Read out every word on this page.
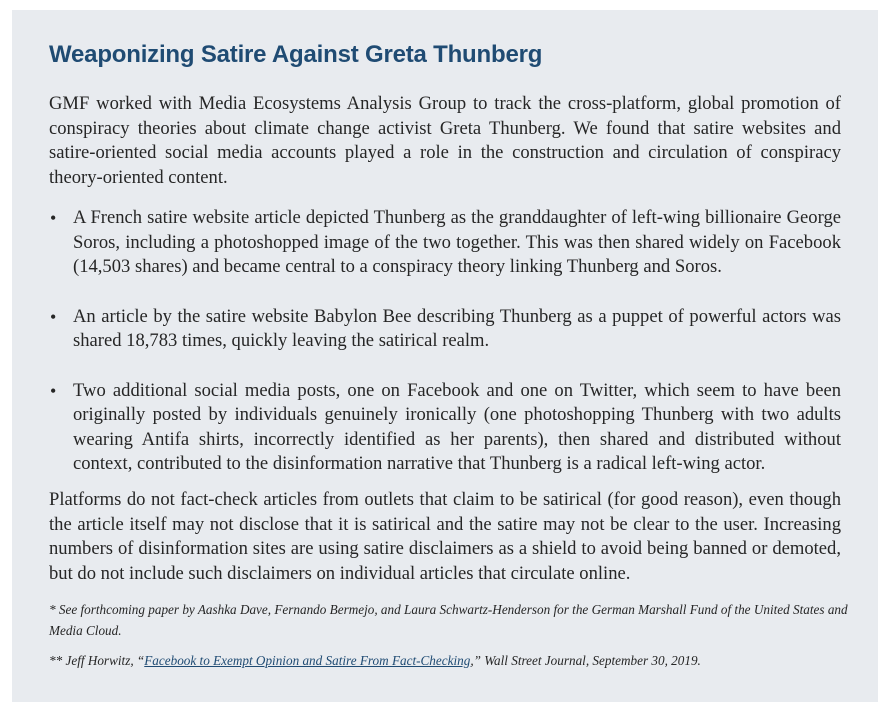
Weaponizing Satire Against Greta Thunberg

GMF worked with Media Ecosystems Analysis Group to track the cross-platform, global promotion of conspiracy theories about climate change activist Greta Thunberg. We found that satire websites and satire-oriented social media accounts played a role in the construction and circulation of conspiracy theory-oriented content.

• A French satire website article depicted Thunberg as the granddaughter of left-wing billionaire George Soros, including a photoshopped image of the two together. This was then shared widely on Facebook (14,503 shares) and became central to a conspiracy theory linking Thunberg and Soros.
• An article by the satire website Babylon Bee describing Thunberg as a puppet of powerful actors was shared 18,783 times, quickly leaving the satirical realm.
• Two additional social media posts, one on Facebook and one on Twitter, which seem to have been originally posted by individuals genuinely ironically (one photoshopping Thunberg with two adults wearing Antifa shirts, incorrectly identified as her parents), then shared and distributed without context, contributed to the disinformation narrative that Thunberg is a radical left-wing actor.

Platforms do not fact-check articles from outlets that claim to be satirical (for good reason), even though the article itself may not disclose that it is satirical and the satire may not be clear to the user. Increasing numbers of disinformation sites are using satire disclaimers as a shield to avoid being banned or demoted, but do not include such disclaimers on individual articles that circulate online.

* See forthcoming paper by Aashka Dave, Fernando Bermejo, and Laura Schwartz-Henderson for the German Marshall Fund of the United States and Media Cloud.

** Jeff Horwitz, “Facebook to Exempt Opinion and Satire From Fact-Checking,” Wall Street Journal, September 30, 2019.
